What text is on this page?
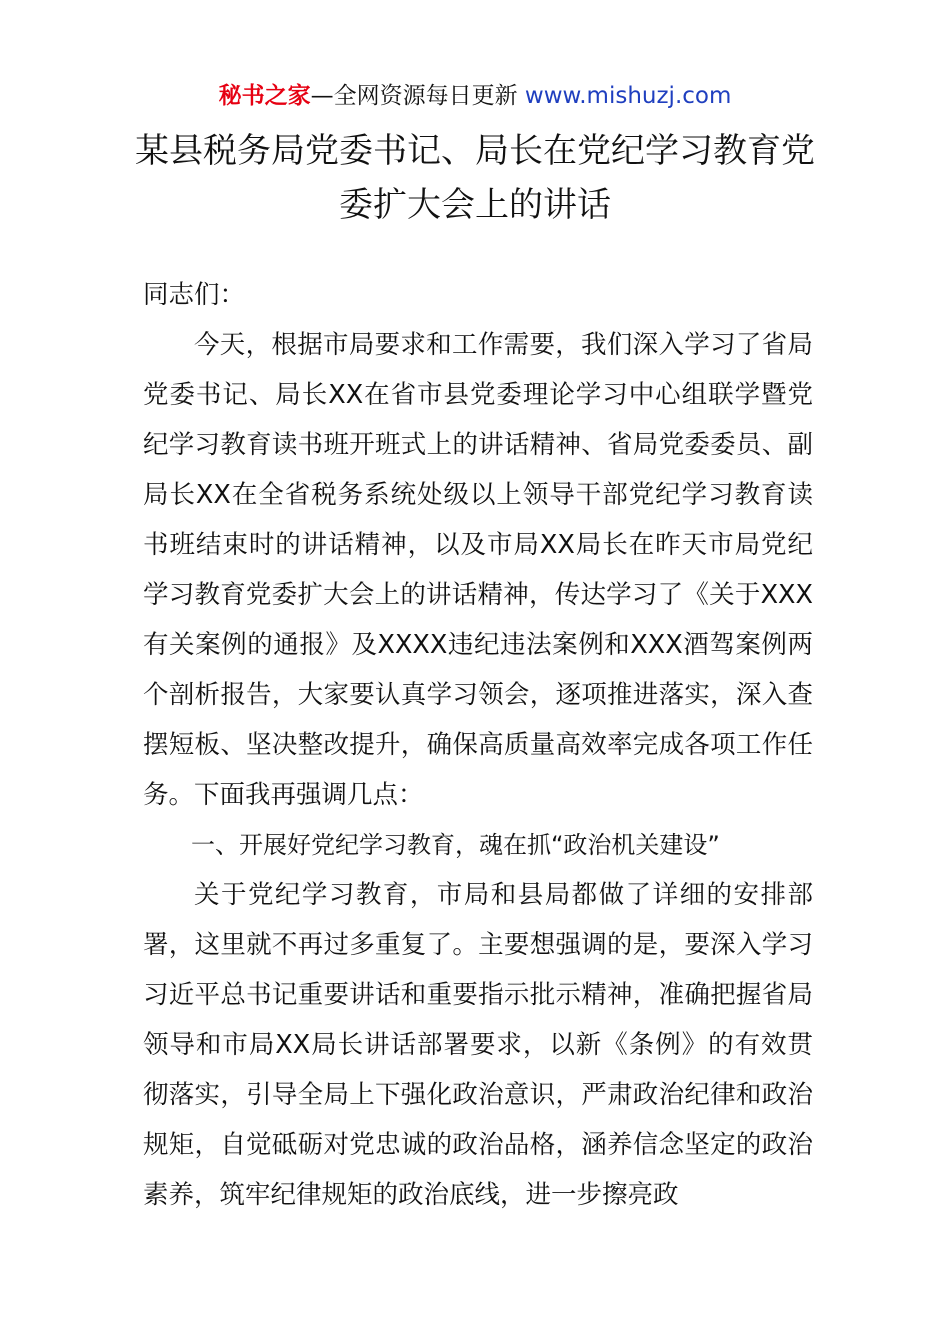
秘书之家—全网资源每日更新 www.mishuzj.com
某县税务局党委书记、局长在党纪学习教育党委扩大会上的讲话

同志们：

今天，根据市局要求和工作需要，我们深入学习了省局党委书记、局长XX在省市县党委理论学习中心组联学暨党纪学习教育读书班开班式上的讲话精神、省局党委委员、副局长XX在全省税务系统处级以上领导干部党纪学习教育读书班结束时的讲话精神，以及市局XX局长在昨天市局党纪学习教育党委扩大会上的讲话精神，传达学习了《关于XXX有关案例的通报》及XXXX违纪违法案例和XXX酒驾案例两个剖析报告，大家要认真学习领会，逐项推进落实，深入查摆短板、坚决整改提升，确保高质量高效率完成各项工作任务。下面我再强调几点：

一、开展好党纪学习教育，魂在抓“政治机关建设”

关于党纪学习教育，市局和县局都做了详细的安排部署，这里就不再过多重复了。主要想强调的是，要深入学习习近平总书记重要讲话和重要指示批示精神，准确把握省局领导和市局XX局长讲话部署要求，以新《条例》的有效贯彻落实，引导全局上下强化政治意识，严肃政治纪律和政治规矩，自觉砥砺对党忠诚的政治品格，涵养信念坚定的政治素养，筑牢纪律规矩的政治底线，进一步擦亮政
